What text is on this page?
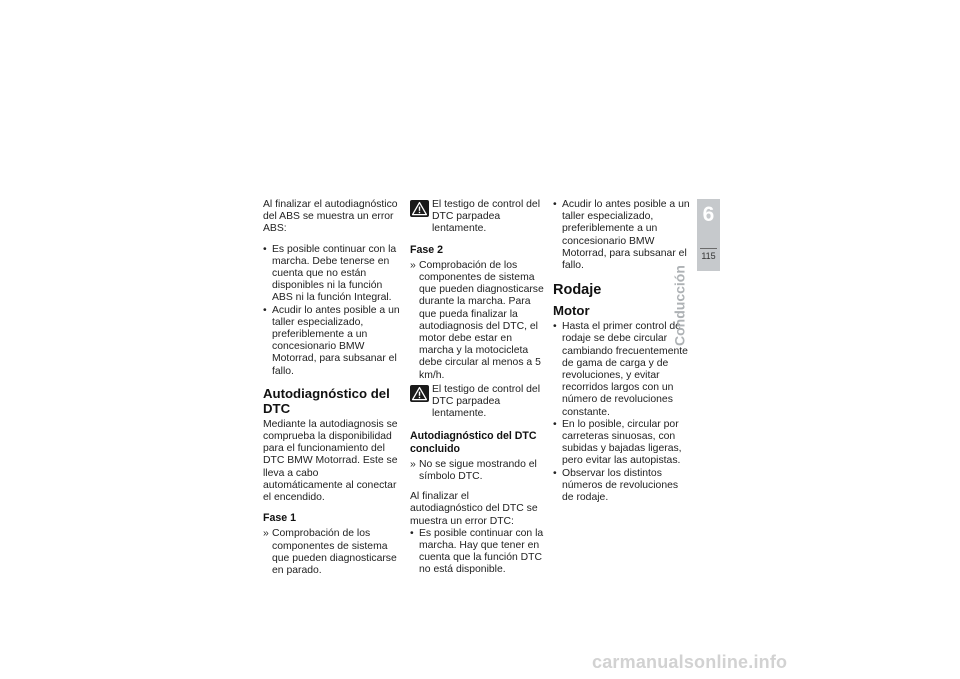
Al finalizar el autodiagnóstico del ABS se muestra un error ABS:

• Es posible continuar con la marcha. Debe tenerse en cuenta que no están disponibles ni la función ABS ni la función Integral.
• Acudir lo antes posible a un taller especializado, preferiblemente a un concesionario BMW Motorrad, para subsanar el fallo.
Autodiagnóstico del DTC

Mediante la autodiagnosis se comprueba la disponibilidad para el funcionamiento del DTC BMW Motorrad. Este se lleva a cabo automáticamente al conectar el encendido.

Fase 1
» Comprobación de los componentes de sistema que pueden diagnosticarse en parado.
El testigo de control del DTC parpadea lentamente.
Fase 2
» Comprobación de los componentes de sistema que pueden diagnosticarse durante la marcha. Para que pueda finalizar la autodiagnosis del DTC, el motor debe estar en marcha y la motocicleta debe circular al menos a 5 km/h.
El testigo de control del DTC parpadea lentamente.
Autodiagnóstico del DTC concluido
» No se sigue mostrando el símbolo DTC.

Al finalizar el autodiagnóstico del DTC se muestra un error DTC:

• Es posible continuar con la marcha. Hay que tener en cuenta que la función DTC no está disponible.
• Acudir lo antes posible a un taller especializado, preferiblemente a un concesionario BMW Motorrad, para subsanar el fallo.
Rodaje
Motor
• Hasta el primer control de rodaje se debe circular cambiando frecuentemente de gama de carga y de revoluciones, y evitar recorridos largos con un número de revoluciones constante.
• En lo posible, circular por carreteras sinuosas, con subidas y bajadas ligeras, pero evitar las autopistas.
• Observar los distintos números de revoluciones de rodaje.
6
115
Conducción
carmanualsonline.info
